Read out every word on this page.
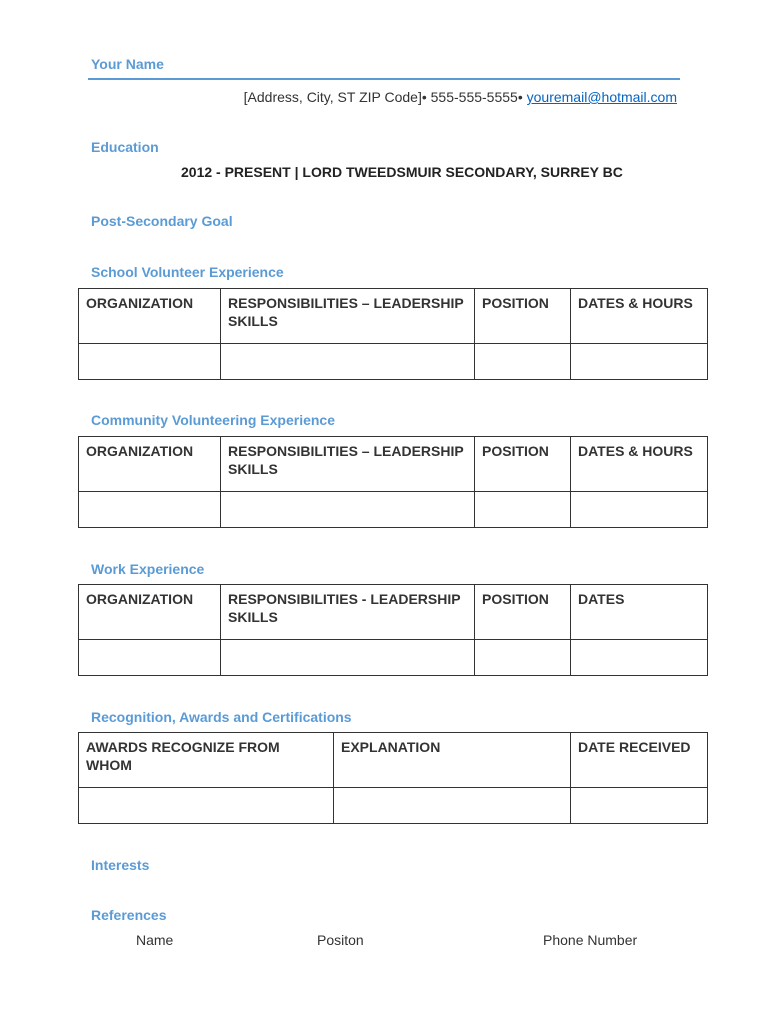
Your Name
[Address, City, ST ZIP Code]• 555-555-5555• youremail@hotmail.com
Education
2012 - PRESENT | LORD TWEEDSMUIR SECONDARY, SURREY BC
Post-Secondary Goal
School Volunteer Experience
ORGANIZATION	RESPONSIBILITIES – LEADERSHIP SKILLS	POSITION	DATES & HOURS

Community Volunteering Experience
ORGANIZATION	RESPONSIBILITIES – LEADERSHIP SKILLS	POSITION	DATES & HOURS

Work Experience
ORGANIZATION	RESPONSIBILITIES - LEADERSHIP SKILLS	POSITION	DATES

Recognition, Awards and Certifications
AWARDS RECOGNIZE FROM WHOM	EXPLANATION	DATE RECEIVED

Interests
References
Name	Positon	Phone Number
